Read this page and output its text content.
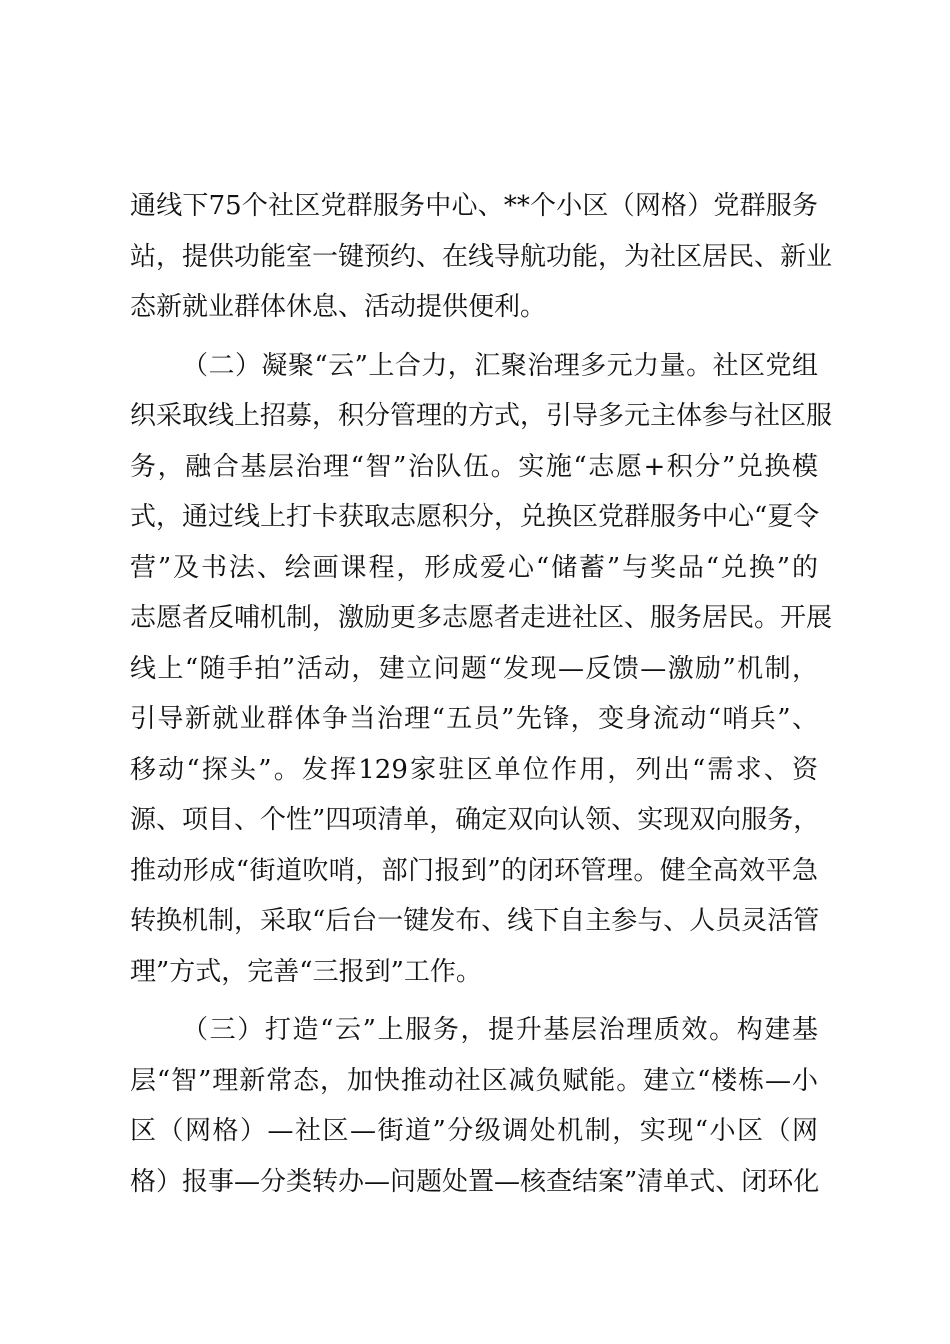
通线下75个社区党群服务中心、**个小区（网格）党群服务
站，提供功能室一键预约、在线导航功能，为社区居民、新业
态新就业群体休息、活动提供便利。
（二）凝聚“云”上合力，汇聚治理多元力量。社区党组
织采取线上招募，积分管理的方式，引导多元主体参与社区服
务，融合基层治理“智”治队伍。实施“志愿+积分”兑换模
式，通过线上打卡获取志愿积分，兑换区党群服务中心“夏令
营”及书法、绘画课程，形成爱心“储蓄”与奖品“兑换”的
志愿者反哺机制，激励更多志愿者走进社区、服务居民。开展
线上“随手拍”活动，建立问题“发现—反馈—激励”机制，
引导新就业群体争当治理“五员”先锋，变身流动“哨兵”、
移动“探头”。发挥129家驻区单位作用，列出“需求、资
源、项目、个性”四项清单，确定双向认领、实现双向服务，
推动形成“街道吹哨，部门报到”的闭环管理。健全高效平急
转换机制，采取“后台一键发布、线下自主参与、人员灵活管
理”方式，完善“三报到”工作。
（三）打造“云”上服务，提升基层治理质效。构建基
层“智”理新常态，加快推动社区减负赋能。建立“楼栋—小
区（网格）—社区—街道”分级调处机制，实现“小区（网
格）报事—分类转办—问题处置—核查结案”清单式、闭环化
